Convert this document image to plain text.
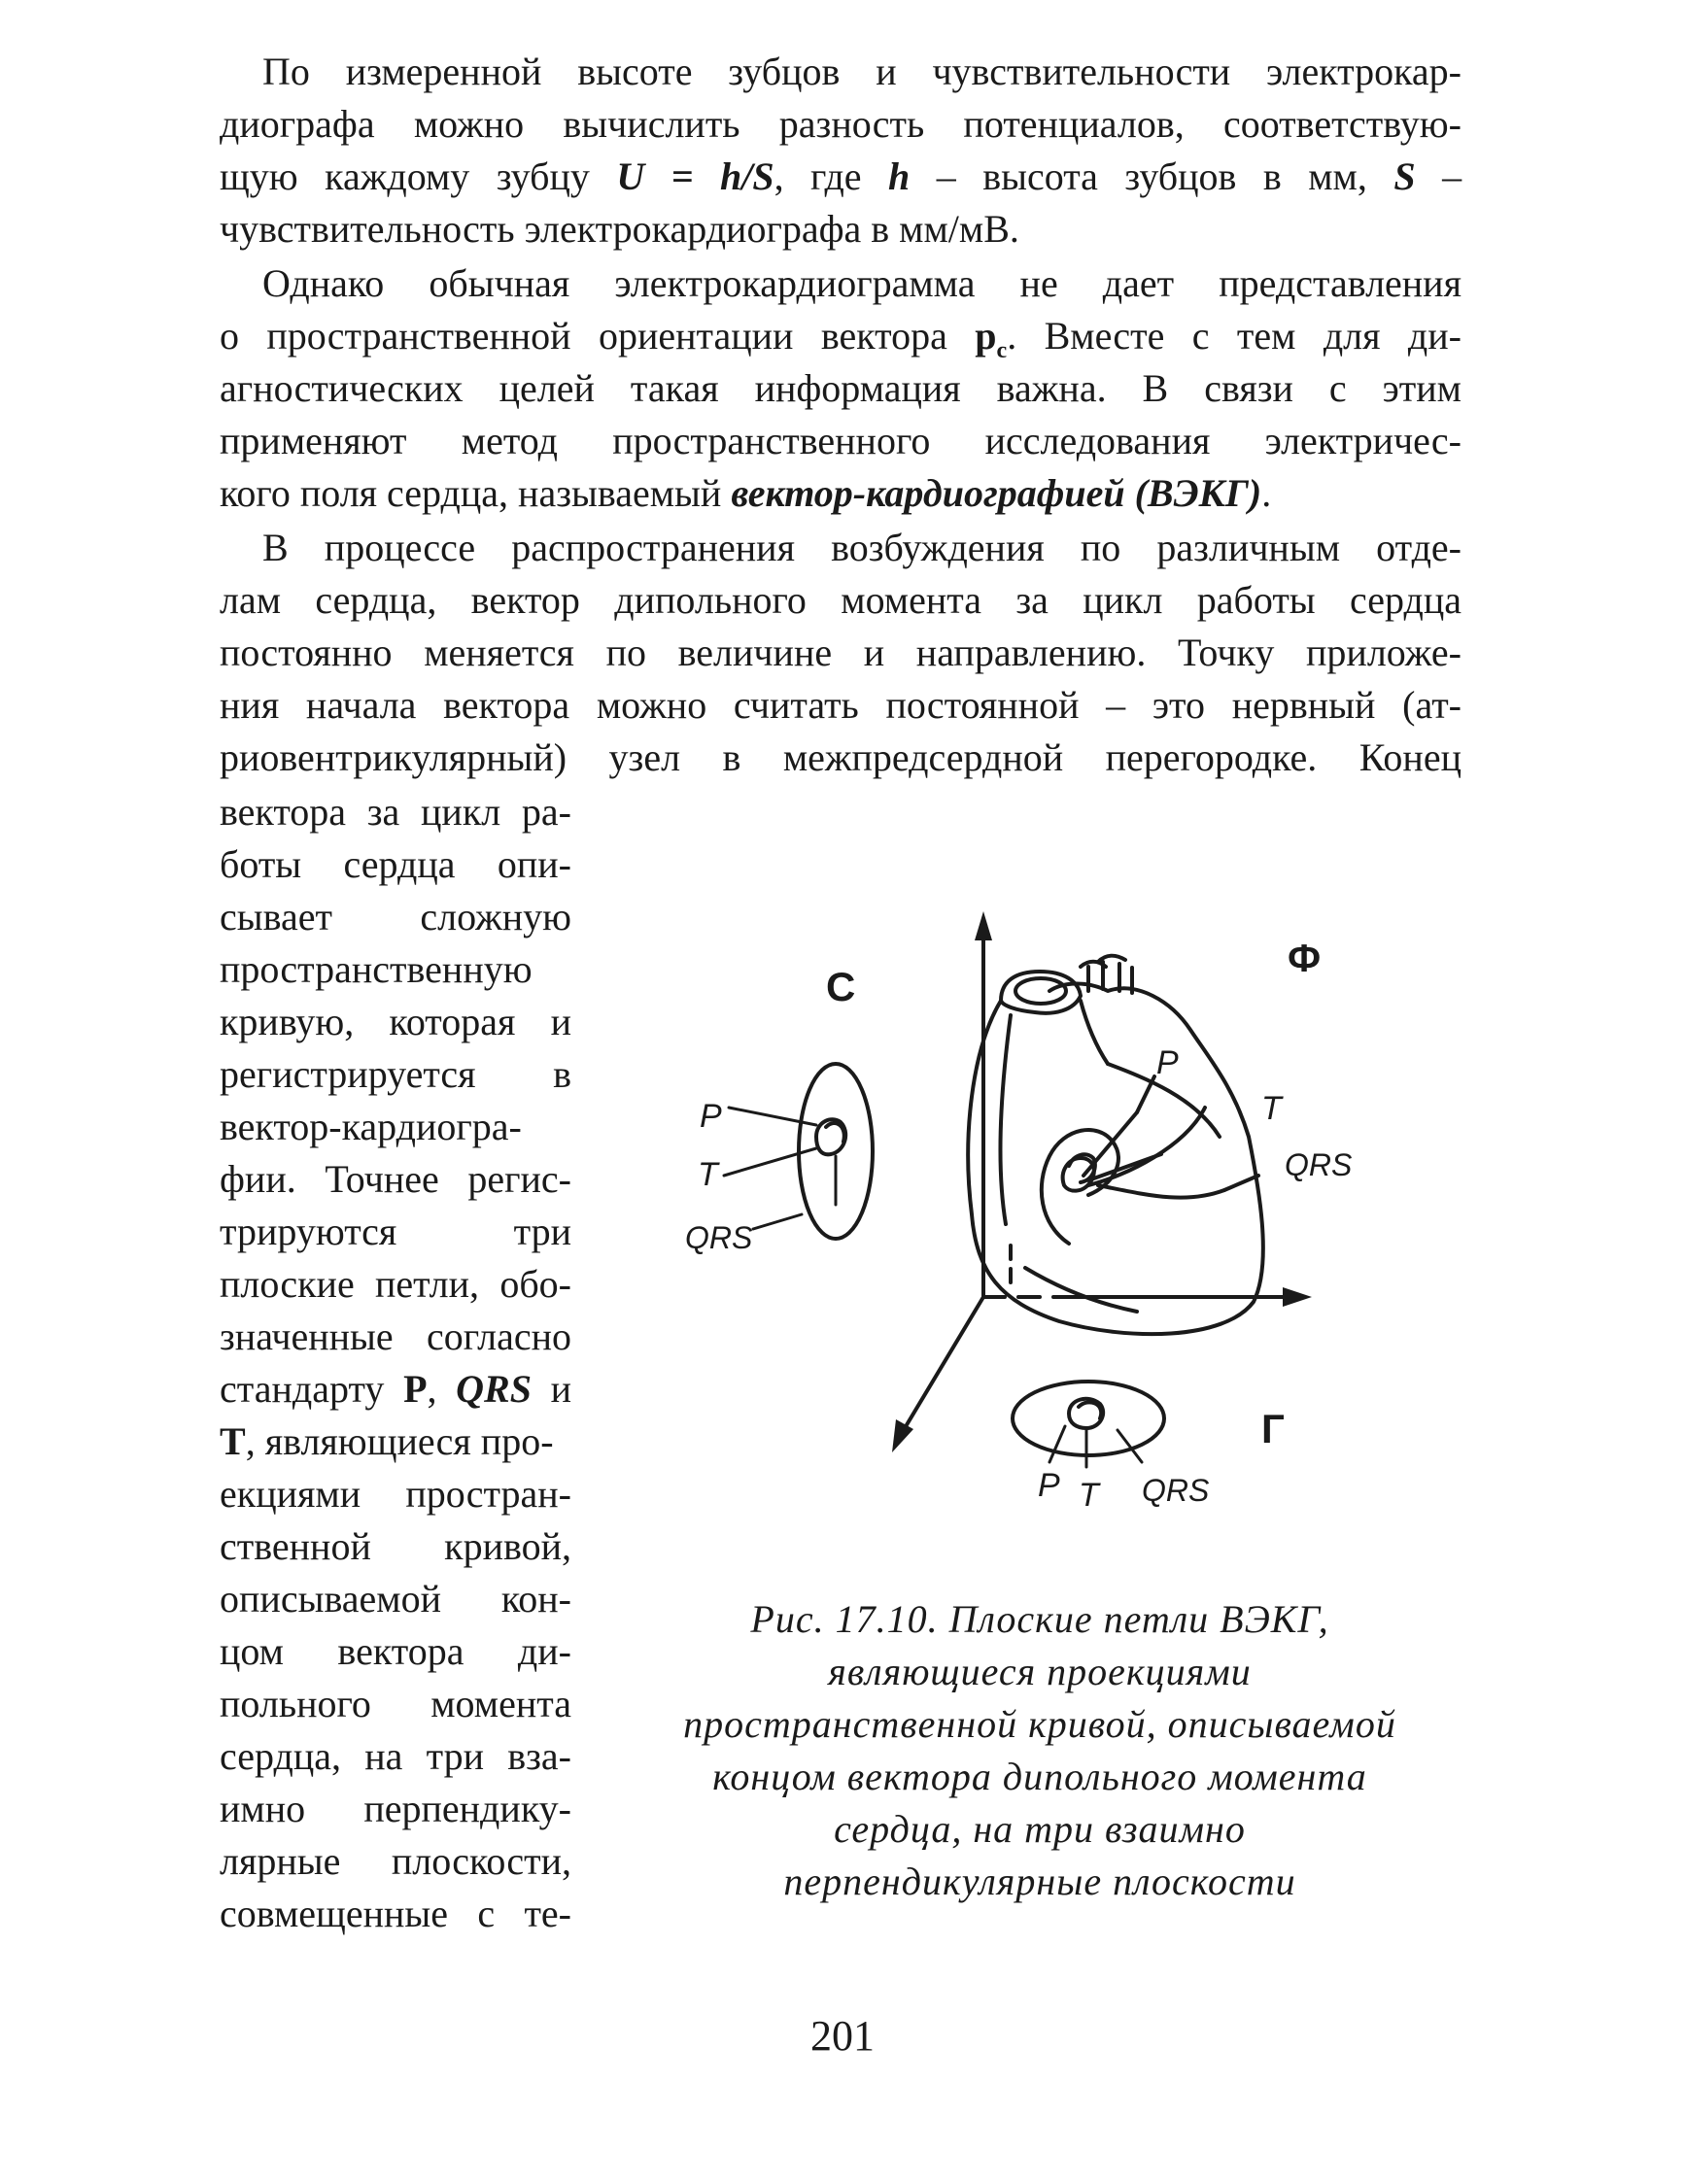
По измеренной высоте зубцов и чувствительности электрокар-
диографа можно вычислить разность потенциалов, соответствую-
щую каждому зубцу U = h/S, где h – высота зубцов в мм, S –
чувствительность электрокардиографа в мм/мВ.
Однако обычная электрокардиограмма не дает представления
о пространственной ориентации вектора $p_c$. Вместе с тем для ди-
агностических целей такая информация важна. В связи с этим
применяют метод пространственного исследования электричес-
кого поля сердца, называемый вектор-кардиографией (ВЭКГ).
В процессе распространения возбуждения по различным отде-
лам сердца, вектор дипольного момента за цикл работы сердца
постоянно меняется по величине и направлению. Точку приложе-
ния начала вектора можно считать постоянной – это нервный (ат-
риовентрикулярный) узел в межпредсердной перегородке. Конец
вектора за цикл ра-
боты сердца опи-
сывает сложную
пространственную
кривую, которая и
регистрируется в
вектор-кардиогра-
фии. Точнее регис-
трируются три
плоские петли, обо-
значенные согласно
стандарту P, QRS и
T, являющиеся про-
екциями простран-
ственной кривой,
описываемой кон-
цом вектора ди-
польного момента
сердца, на три вза-
имно перпендику-
лярные плоскости,
совмещенные с те-
С
Ф
Г
P
T
QRS
P
T
QRS
P T QRS
Рис. 17.10. Плоские петли ВЭКГ,
являющиеся проекциями
пространственной кривой, описываемой
концом вектора дипольного момента
сердца, на три взаимно
перпендикулярные плоскости
201
